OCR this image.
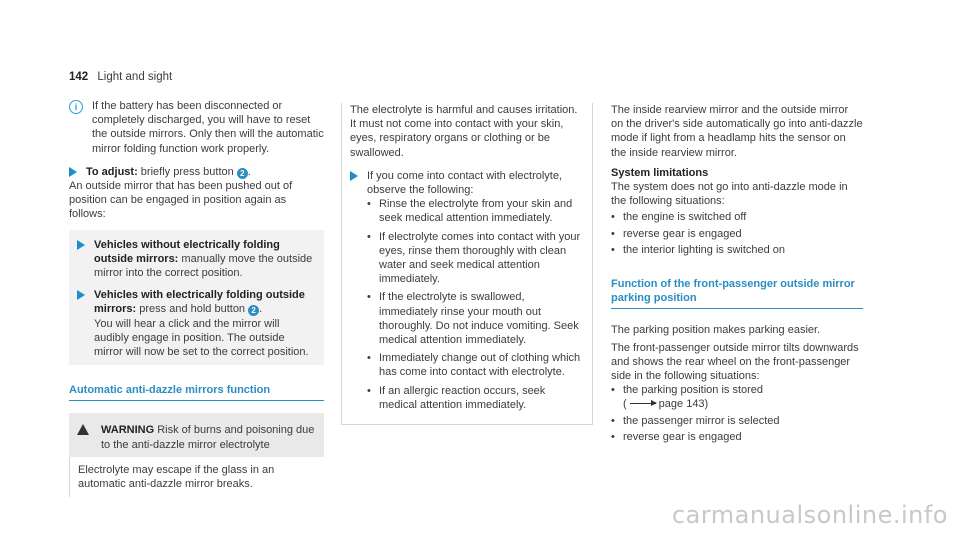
142 Light and sight
i	If the battery has been disconnected or completely discharged, you will have to reset the outside mirrors. Only then will the automatic mirror folding function work properly.

To adjust: briefly press button 2 .

An outside mirror that has been pushed out of position can be engaged in position again as follows:

Vehicles without electrically folding outside mirrors: manually move the outside mirror into the correct position.

Vehicles with electrically folding outside mirrors: press and hold button 2 .
You will hear a click and the mirror will audibly engage in position. The outside mirror will now be set to the correct position.

Automatic anti-dazzle mirrors function

WARNING Risk of burns and poisoning due to the anti-dazzle mirror electrolyte

Electrolyte may escape if the glass in an automatic anti-dazzle mirror breaks.

The electrolyte is harmful and causes irritation. It must not come into contact with your skin, eyes, respiratory organs or clothing or be swallowed.

If you come into contact with electrolyte, observe the following:

• Rinse the electrolyte from your skin and seek medical attention immediately.
• If electrolyte comes into contact with your eyes, rinse them thoroughly with clean water and seek medical attention immediately.
• If the electrolyte is swallowed, immediately rinse your mouth out thoroughly. Do not induce vomiting. Seek medical attention immediately.
• Immediately change out of clothing which has come into contact with electrolyte.
• If an allergic reaction occurs, seek medical attention immediately.

The inside rearview mirror and the outside mirror on the driver's side automatically go into anti-dazzle mode if light from a headlamp hits the sensor on the inside rearview mirror.

System limitations

The system does not go into anti-dazzle mode in the following situations:

• the engine is switched off
• reverse gear is engaged
• the interior lighting is switched on
Function of the front-passenger outside mirror parking position

The parking position makes parking easier.

The front-passenger outside mirror tilts downwards and shows the rear wheel on the front-passenger side in the following situations:

• the parking position is stored
(	page 143)
• the passenger mirror is selected
• reverse gear is engaged
carmanualsonline.info
